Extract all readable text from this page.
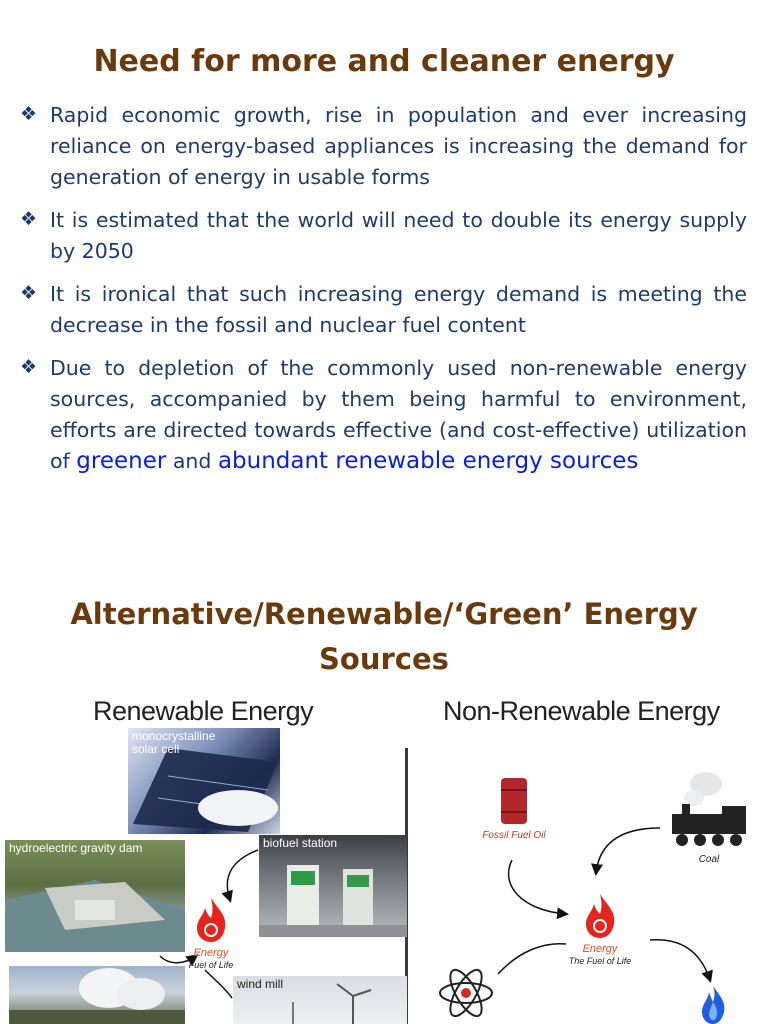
Need for more and cleaner energy
❖ Rapid economic growth, rise in population and ever increasing reliance on energy-based appliances is increasing the demand for generation of energy in usable forms
❖ It is estimated that the world will need to double its energy supply by 2050
❖ It is ironical that such increasing energy demand is meeting the decrease in the fossil and nuclear fuel content
❖ Due to depletion of the commonly used non-renewable energy sources, accompanied by them being harmful to environment, efforts are directed towards effective (and cost-effective) utilization of greener and abundant renewable energy sources
Alternative/Renewable/‘Green’ Energy Sources
Renewable Energy	Non-Renewable Energy
monocrystalline solar cell
hydroelectric gravity dam	biofuel station
wind mill
Energy
Fuel of Life
Fossil Fuel Oil
Coal
Energy
The Fuel of Life
